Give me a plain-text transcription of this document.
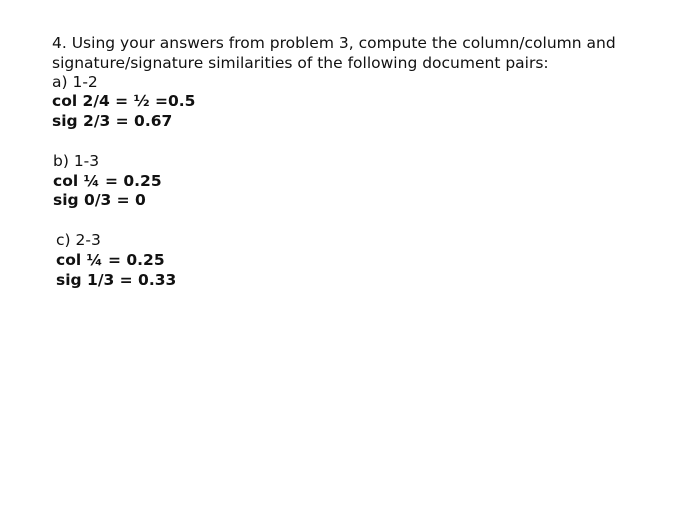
4. Using your answers from problem 3, compute the column/column and
signature/signature similarities of the following document pairs:
a) 1-2
col 2/4 = ½ =0.5
sig 2/3 = 0.67
b) 1-3
col ¼ = 0.25
sig 0/3 = 0
c) 2-3
col ¼ = 0.25
sig 1/3 = 0.33
